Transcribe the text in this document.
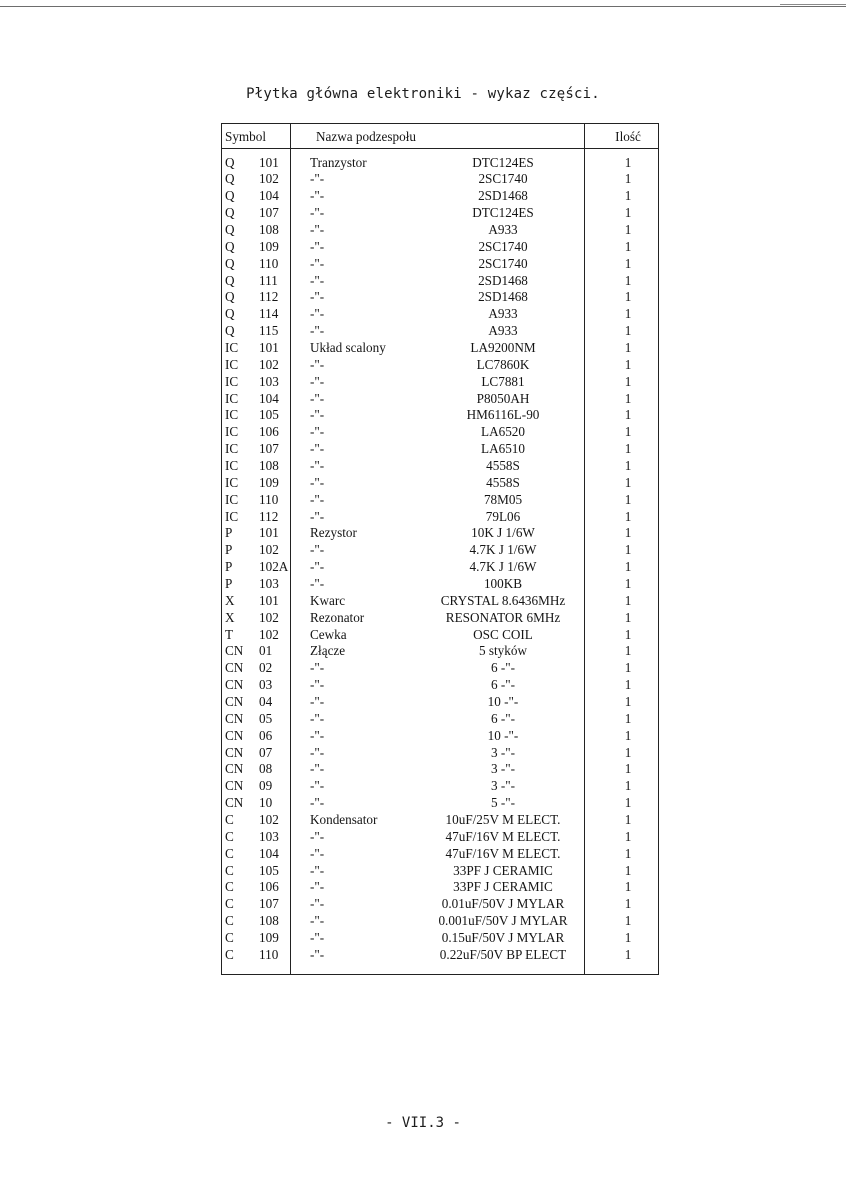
Płytka główna elektroniki - wykaz części.
Symbol	Nazwa podzespołu	Ilość
Q 101 Tranzystor	DTC124ES	1
Q 102 -"-	2SC1740	1
Q 104 -"-	2SD1468	1
Q 107 -"-	DTC124ES	1
Q 108 -"-	A933	1
Q 109 -"-	2SC1740	1
Q 110 -"-	2SC1740	1
Q 111 -"-	2SD1468	1
Q 112 -"-	2SD1468	1
Q 114 -"-	A933	1
Q 115 -"-	A933	1
IC 101 Układ scalony	LA9200NM	1
IC 102 -"-	LC7860K	1
IC 103 -"-	LC7881	1
IC 104 -"-	P8050AH	1
IC 105 -"-	HM6116L-90	1
IC 106 -"-	LA6520	1
IC 107 -"-	LA6510	1
IC 108 -"-	4558S	1
IC 109 -"-	4558S	1
IC 110 -"-	78M05	1
IC 112 -"-	79L06	1
P 101 Rezystor	10K J 1/6W	1
P 102 -"-	4.7K J 1/6W	1
P 102A -"-	4.7K J 1/6W	1
P 103 -"-	100KB	1
X 101 Kwarc	CRYSTAL 8.6436MHz	1
X 102 Rezonator	RESONATOR 6MHz	1
T 102 Cewka	OSC COIL	1
CN 01	Złącze	5 styków	1
CN 02	-"-	6 -"-	1
CN 03	-"-	6 -"-	1
CN 04	-"-	10 -"-	1
CN 05	-"-	6 -"-	1
CN 06	-"-	10 -"-	1
CN 07	-"-	3 -"-	1
CN 08	-"-	3 -"-	1
CN 09	-"-	3 -"-	1
CN 10	-"-	5 -"-	1
C 102 Kondensator	10uF/25V M ELECT.	1
C 103 -"-	47uF/16V M ELECT.	1
C 104 -"-	47uF/16V M ELECT.	1
C 105 -"-	33PF J CERAMIC	1
C 106 -"-	33PF J CERAMIC	1
C 107 -"-	0.01uF/50V J MYLAR	1
C 108 -"-	0.001uF/50V J MYLAR	1
C 109 -"-	0.15uF/50V J MYLAR	1
C 110 -"-	0.22uF/50V BP ELECT	1
- VII.3 -
